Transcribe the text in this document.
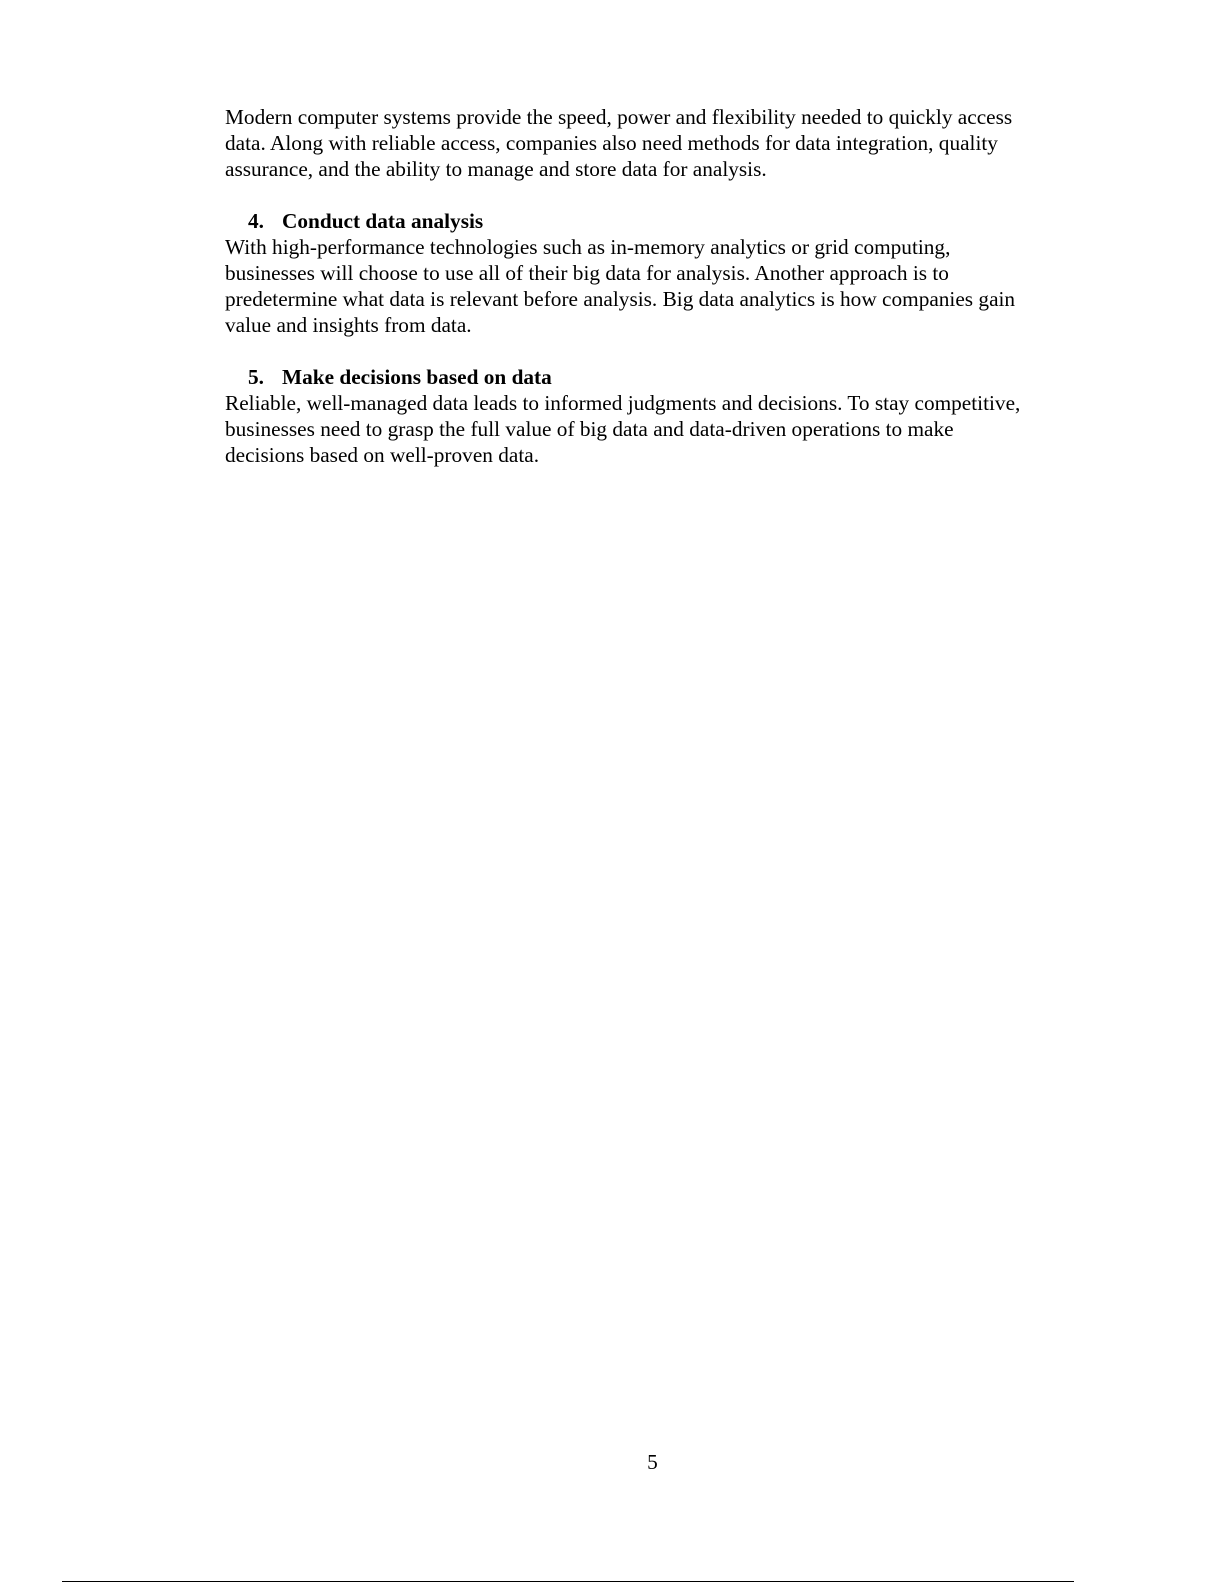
Modern computer systems provide the speed, power and flexibility needed to quickly access
data. Along with reliable access, companies also need methods for data integration, quality
assurance, and the ability to manage and store data for analysis.

4. Conduct data analysis

With high-performance technologies such as in-memory analytics or grid computing,
businesses will choose to use all of their big data for analysis. Another approach is to
predetermine what data is relevant before analysis. Big data analytics is how companies gain
value and insights from data.

5. Make decisions based on data

Reliable, well-managed data leads to informed judgments and decisions. To stay competitive,
businesses need to grasp the full value of big data and data-driven operations to make
decisions based on well-proven data.

5
